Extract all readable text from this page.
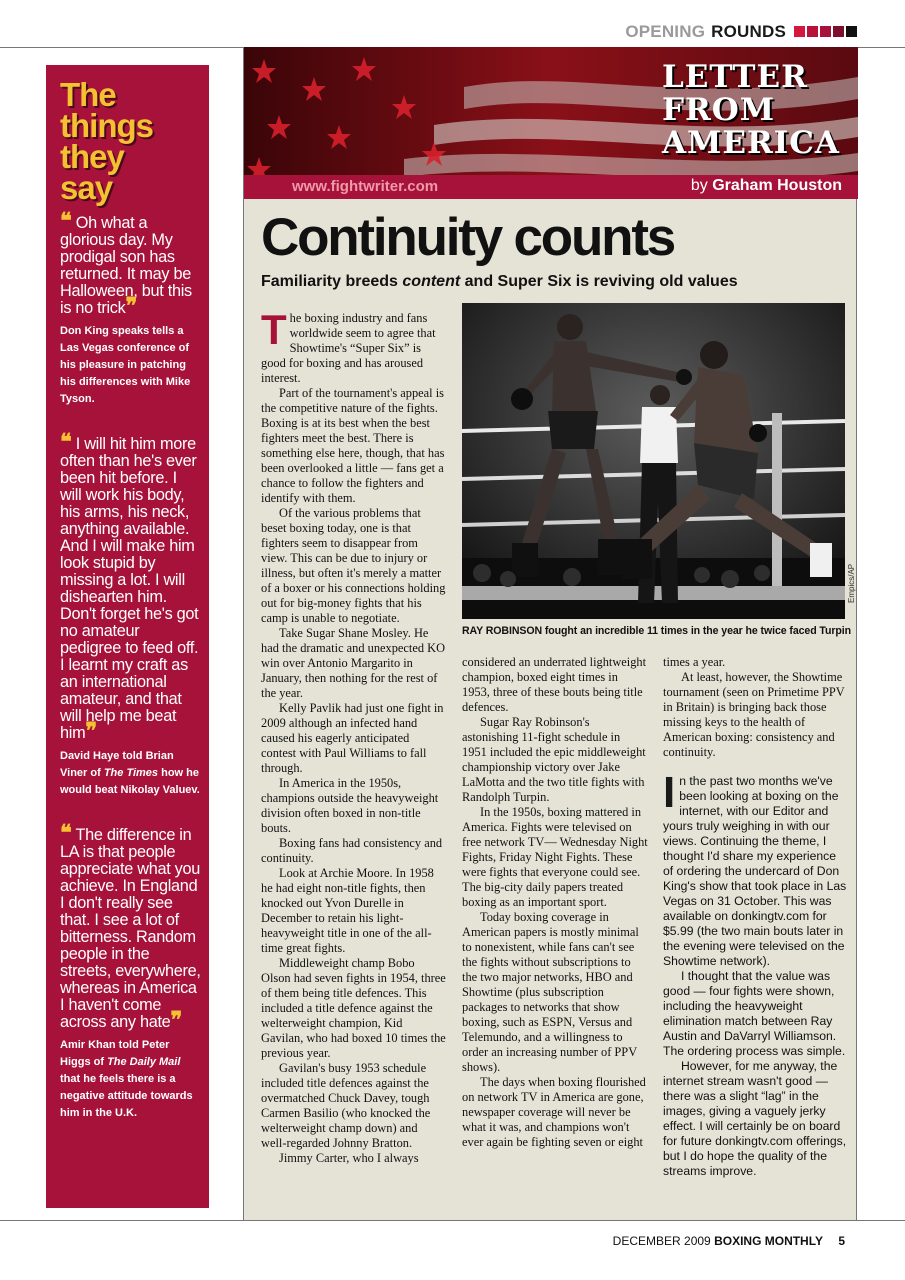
OPENING ROUNDS
The
things
they
say
❝ Oh what a glorious day. My prodigal son has returned. It may be Halloween, but this is no trick❞
Don King speaks tells a Las Vegas conference of his pleasure in patching his differences with Mike Tyson.
❝ I will hit him more often than he's ever been hit before. I will work his body, his arms, his neck, anything available. And I will make him look stupid by missing a lot. I will dishearten him. Don't forget he's got no amateur pedigree to feed off. I learnt my craft as an international amateur, and that will help me beat him❞
David Haye told Brian Viner of The Times how he would beat Nikolay Valuev.
❝ The difference in LA is that people appreciate what you achieve. In England I don't really see that. I see a lot of bitterness. Random people in the streets, everywhere, whereas in America I haven't come across any hate❞
Amir Khan told Peter Higgs of The Daily Mail that he feels there is a negative attitude towards him in the U.K.
LETTER
FROM
AMERICA
www.fightwriter.com	by Graham Houston
Continuity counts
Familiarity breeds content and Super Six is reviving old values

The boxing industry and fans worldwide seem to agree that Showtime's “Super Six” is good for boxing and has aroused interest.

Part of the tournament's appeal is the competitive nature of the fights. Boxing is at its best when the best fighters meet the best. There is something else here, though, that has been overlooked a little — fans get a chance to follow the fighters and identify with them.

Of the various problems that beset boxing today, one is that fighters seem to disappear from view. This can be due to injury or illness, but often it's merely a matter of a boxer or his connections holding out for big-money fights that his camp is unable to negotiate.

Take Sugar Shane Mosley. He had the dramatic and unexpected KO win over Antonio Margarito in January, then nothing for the rest of the year.

Kelly Pavlik had just one fight in 2009 although an infected hand caused his eagerly anticipated contest with Paul Williams to fall through.

In America in the 1950s, champions outside the heavyweight division often boxed in non-title bouts.

Boxing fans had consistency and continuity.

Look at Archie Moore. In 1958 he had eight non-title fights, then knocked out Yvon Durelle in December to retain his light-heavyweight title in one of the all-time great fights.

Middleweight champ Bobo Olson had seven fights in 1954, three of them being title defences. This included a title defence against the welterweight champion, Kid Gavilan, who had boxed 10 times the previous year.

Gavilan's busy 1953 schedule included title defences against the overmatched Chuck Davey, tough Carmen Basilio (who knocked the welterweight champ down) and well-regarded Johnny Bratton.

Jimmy Carter, who I always

Empics/AP
RAY ROBINSON fought an incredible 11 times in the year he twice faced Turpin

considered an underrated lightweight champion, boxed eight times in 1953, three of these bouts being title defences.

Sugar Ray Robinson's astonishing 11-fight schedule in 1951 included the epic middleweight championship victory over Jake LaMotta and the two title fights with Randolph Turpin.

In the 1950s, boxing mattered in America. Fights were televised on free network TV— Wednesday Night Fights, Friday Night Fights. These were fights that everyone could see. The big-city daily papers treated boxing as an important sport.

Today boxing coverage in American papers is mostly minimal to nonexistent, while fans can't see the fights without subscriptions to the two major networks, HBO and Showtime (plus subscription packages to networks that show boxing, such as ESPN, Versus and Telemundo, and a willingness to order an increasing number of PPV shows).

The days when boxing flourished on network TV in America are gone, newspaper coverage will never be what it was, and champions won't ever again be fighting seven or eight

times a year.

At least, however, the Showtime tournament (seen on Primetime PPV in Britain) is bringing back those missing keys to the health of American boxing: consistency and continuity.

In the past two months we've been looking at boxing on the internet, with our Editor and yours truly weighing in with our views. Continuing the theme, I thought I'd share my experience of ordering the undercard of Don King's show that took place in Las Vegas on 31 October. This was available on donkingtv.com for $5.99 (the two main bouts later in the evening were televised on the Showtime network).

I thought that the value was good — four fights were shown, including the heavyweight elimination match between Ray Austin and DaVarryl Williamson. The ordering process was simple.

However, for me anyway, the internet stream wasn't good — there was a slight “lag” in the images, giving a vaguely jerky effect. I will certainly be on board for future donkingtv.com offerings, but I do hope the quality of the streams improve.

DECEMBER 2009 BOXING MONTHLY 5
